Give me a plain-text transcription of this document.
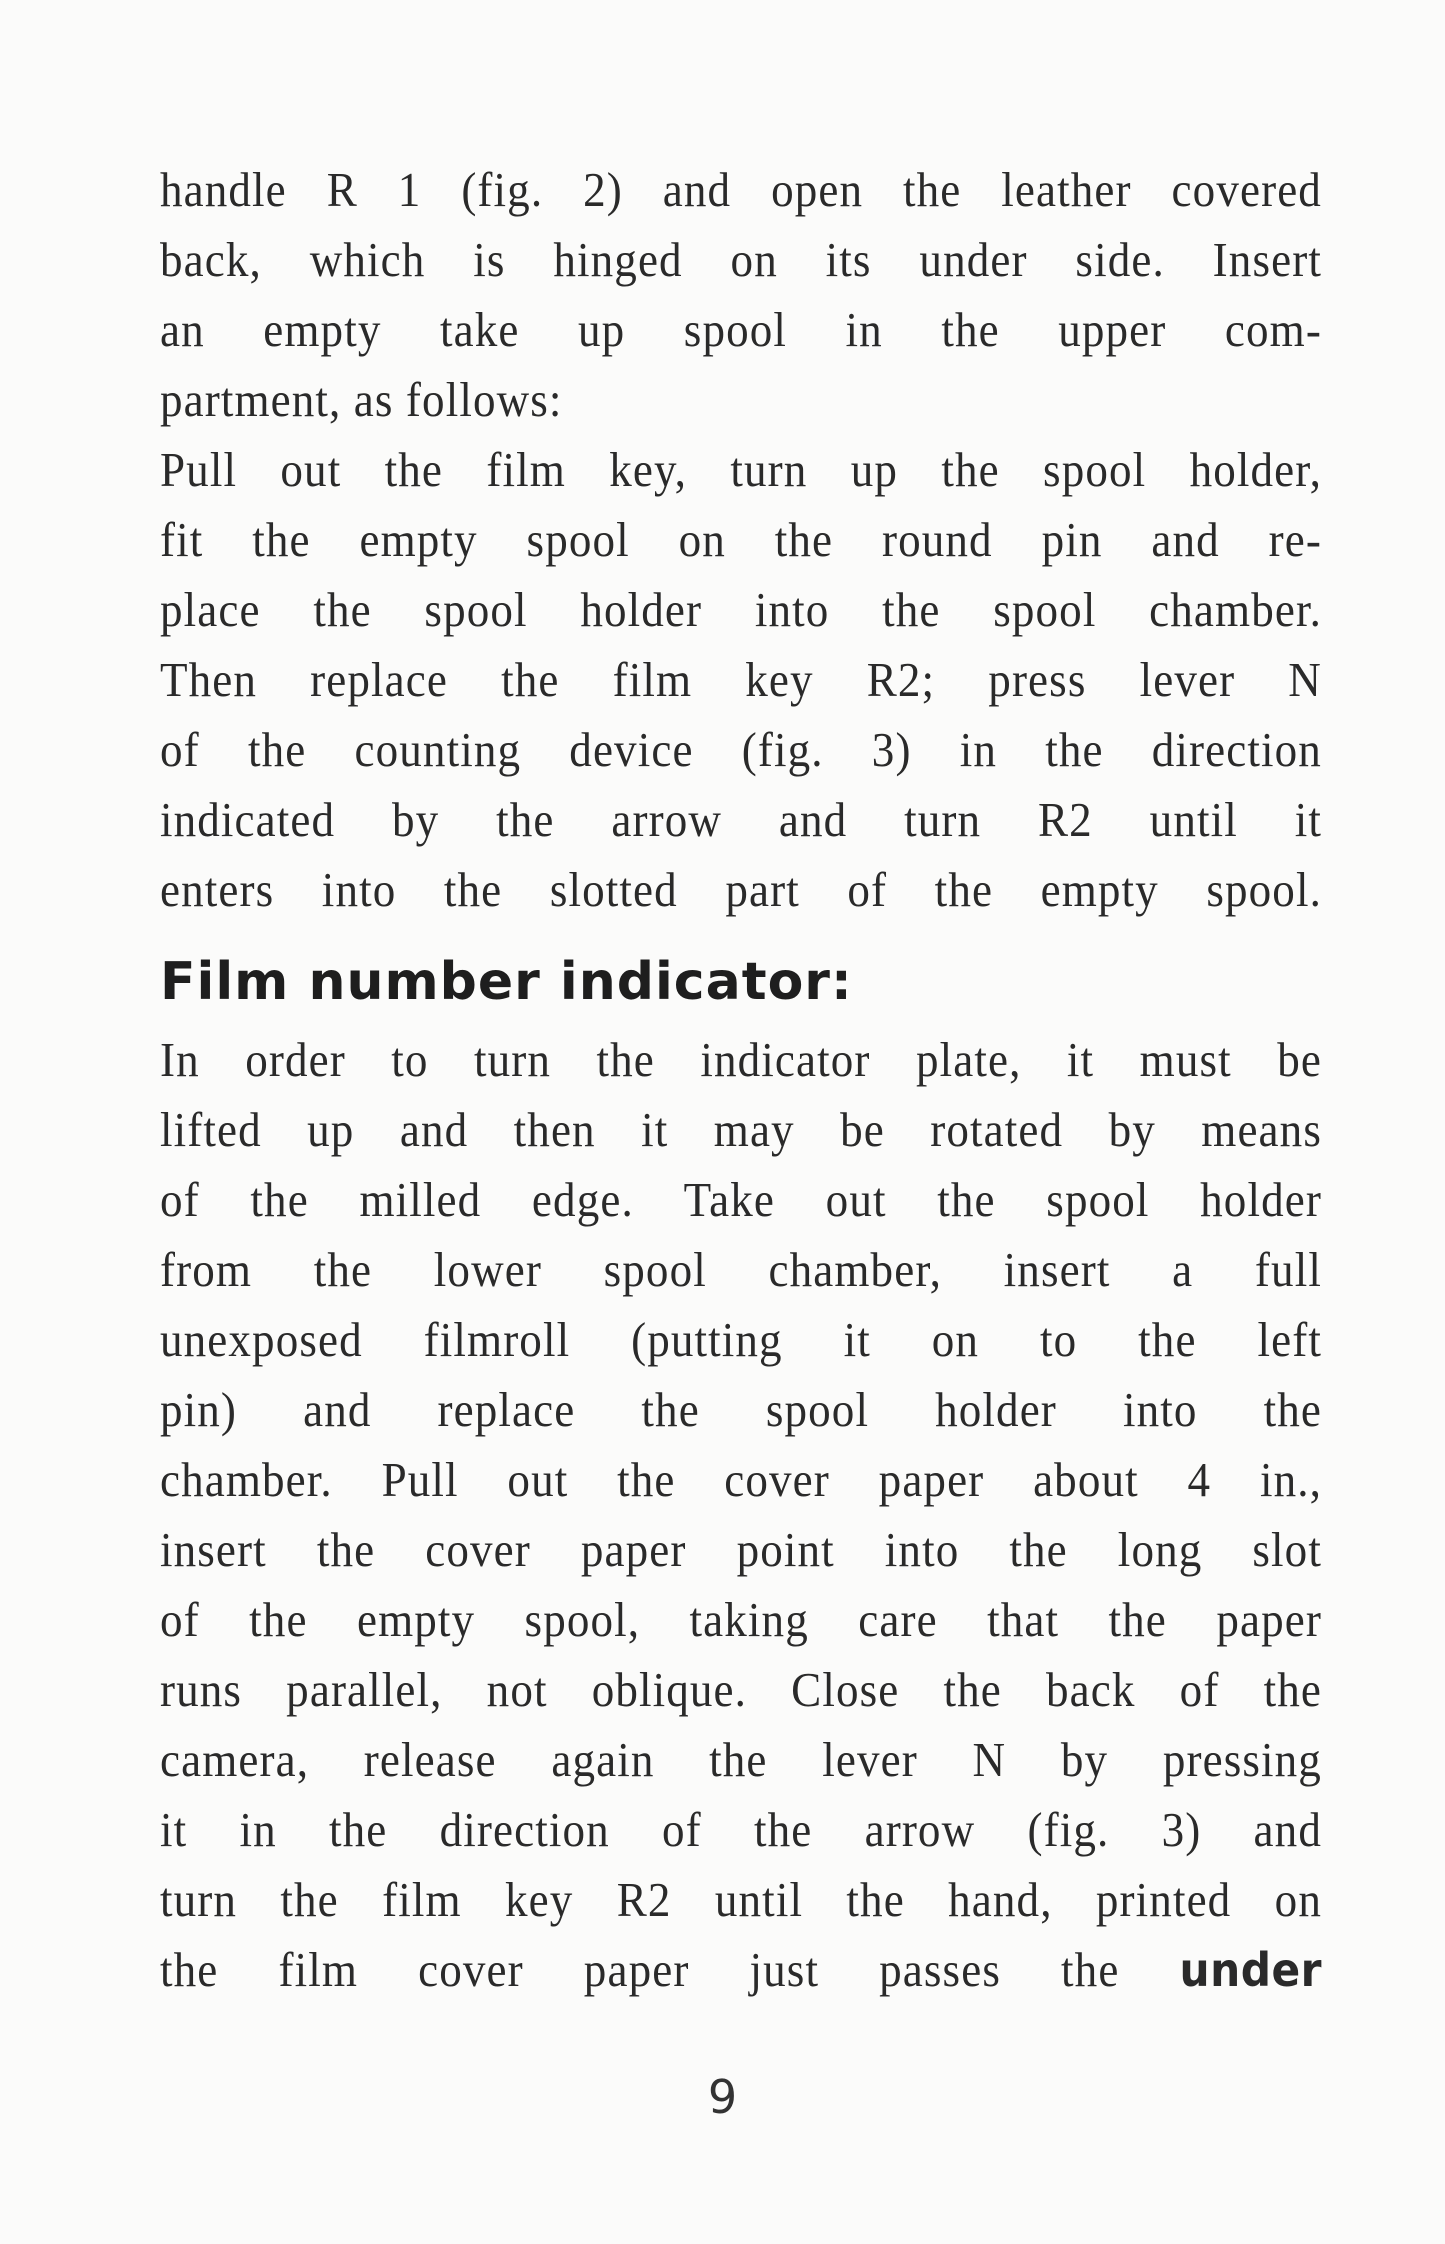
handle R 1 (fig. 2) and open the leather covered
back, which is hinged on its under side. Insert
an empty take up spool in the upper com-
partment, as follows:
Pull out the film key, turn up the spool holder,
fit the empty spool on the round pin and re-
place the spool holder into the spool chamber.
Then replace the film key R2; press lever N
of the counting device (fig. 3) in the direction
indicated by the arrow and turn R2 until it
enters into the slotted part of the empty spool.
Film number indicator:
In order to turn the indicator plate, it must be
lifted up and then it may be rotated by means
of the milled edge. Take out the spool holder
from the lower spool chamber, insert a full
unexposed filmroll (putting it on to the left
pin) and replace the spool holder into the
chamber. Pull out the cover paper about 4 in.,
insert the cover paper point into the long slot
of the empty spool, taking care that the paper
runs parallel, not oblique. Close the back of the
camera, release again the lever N by pressing
it in the direction of the arrow (fig. 3) and
turn the film key R2 until the hand, printed on
the film cover paper just passes the under
9
